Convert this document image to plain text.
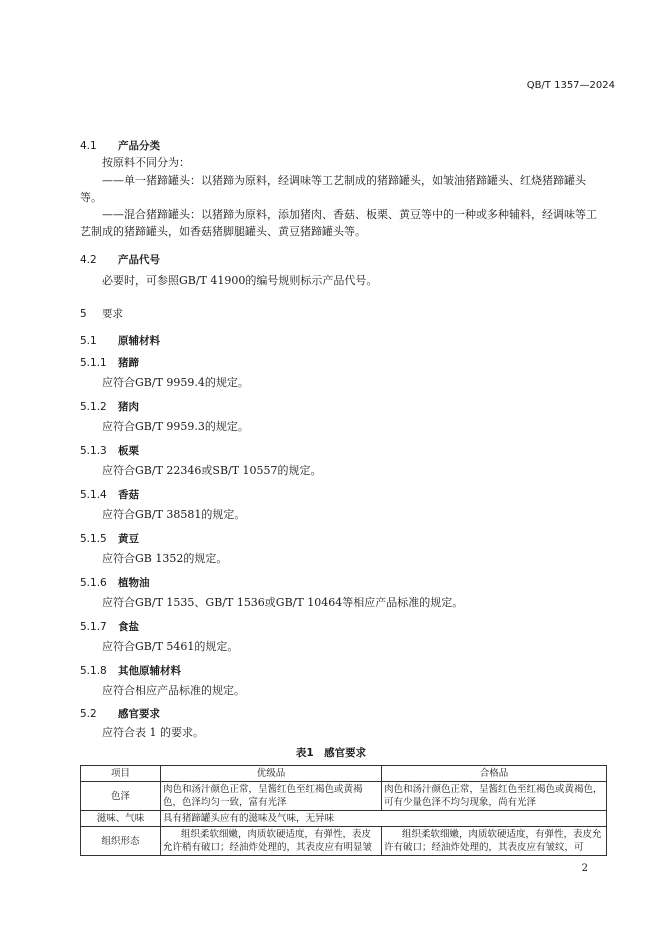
QB/T 1357—2024
4.1 产品分类
按原料不同分为：
——单一猪蹄罐头：以猪蹄为原料，经调味等工艺制成的猪蹄罐头，如皱油猪蹄罐头、红烧猪蹄罐头等。
——混合猪蹄罐头：以猪蹄为原料，添加猪肉、香菇、板栗、黄豆等中的一种或多种辅料，经调味等工艺制成的猪蹄罐头，如香菇猪脚腿罐头、黄豆猪蹄罐头等。
4.2 产品代号
必要时，可参照GB/T 41900的编号规则标示产品代号。
5 要求
5.1 原辅材料
5.1.1 猪蹄
应符合GB/T 9959.4的规定。
5.1.2 猪肉
应符合GB/T 9959.3的规定。
5.1.3 板栗
应符合GB/T 22346或SB/T 10557的规定。
5.1.4 香菇
应符合GB/T 38581的规定。
5.1.5 黄豆
应符合GB 1352的规定。
5.1.6 植物油
应符合GB/T 1535、GB/T 1536或GB/T 10464等相应产品标准的规定。
5.1.7 食盐
应符合GB/T 5461的规定。
5.1.8 其他原辅材料
应符合相应产品标准的规定。
5.2 感官要求
应符合表 1 的要求。
表1　感官要求
项目	优级品	合格品
色泽	肉色和汤汁颜色正常，呈酱红色至红褐色或黄褐色，色泽均匀一致，富有光泽	肉色和汤汁颜色正常，呈酱红色至红褐色或黄褐色，可有少量色泽不均匀现象，尚有光泽
滋味、气味	具有猪蹄罐头应有的滋味及气味，无异味	
组织形态	组织柔软细嫩，肉质软硬适度，有弹性，表皮允许稍有破口；经油炸处理的，其表皮应有明显皱	组织柔软细嫩，肉质软硬适度，有弹性，表皮允许有破口；经油炸处理的，其表皮应有皱纹，可
2
